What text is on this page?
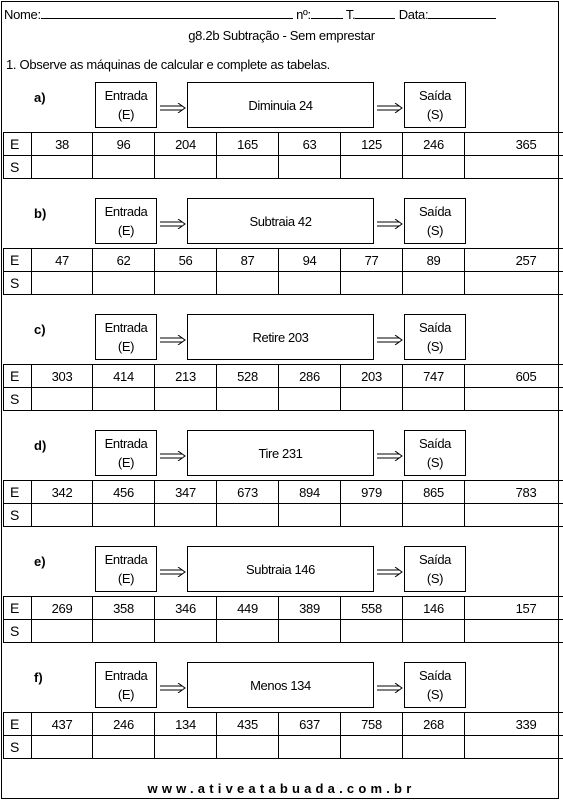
Nome:	nº:	T.	Data:
g8.2b Subtração - Sem emprestar
1. Observe as máquinas de calcular e complete as tabelas.
a)	Entrada
(E)
Diminuia 24
Saída
(S)
E	38	96	204	165	63	125	246	365
S								
b)	Entrada
(E)
Subtraia 42
Saída
(S)
E	47	62	56	87	94	77	89	257
S								
c)	Entrada
(E)
Retire 203
Saída
(S)
E	303	414	213	528	286	203	747	605
S								
d)	Entrada
(E)
Tire 231
Saída
(S)
E	342	456	347	673	894	979	865	783
S								
e)	Entrada
(E)
Subtraia 146
Saída
(S)
E	269	358	346	449	389	558	146	157
S								
f)	Entrada
(E)
Menos 134
Saída
(S)
E	437	246	134	435	637	758	268	339
S								
www.ativeatabuada.com.br
